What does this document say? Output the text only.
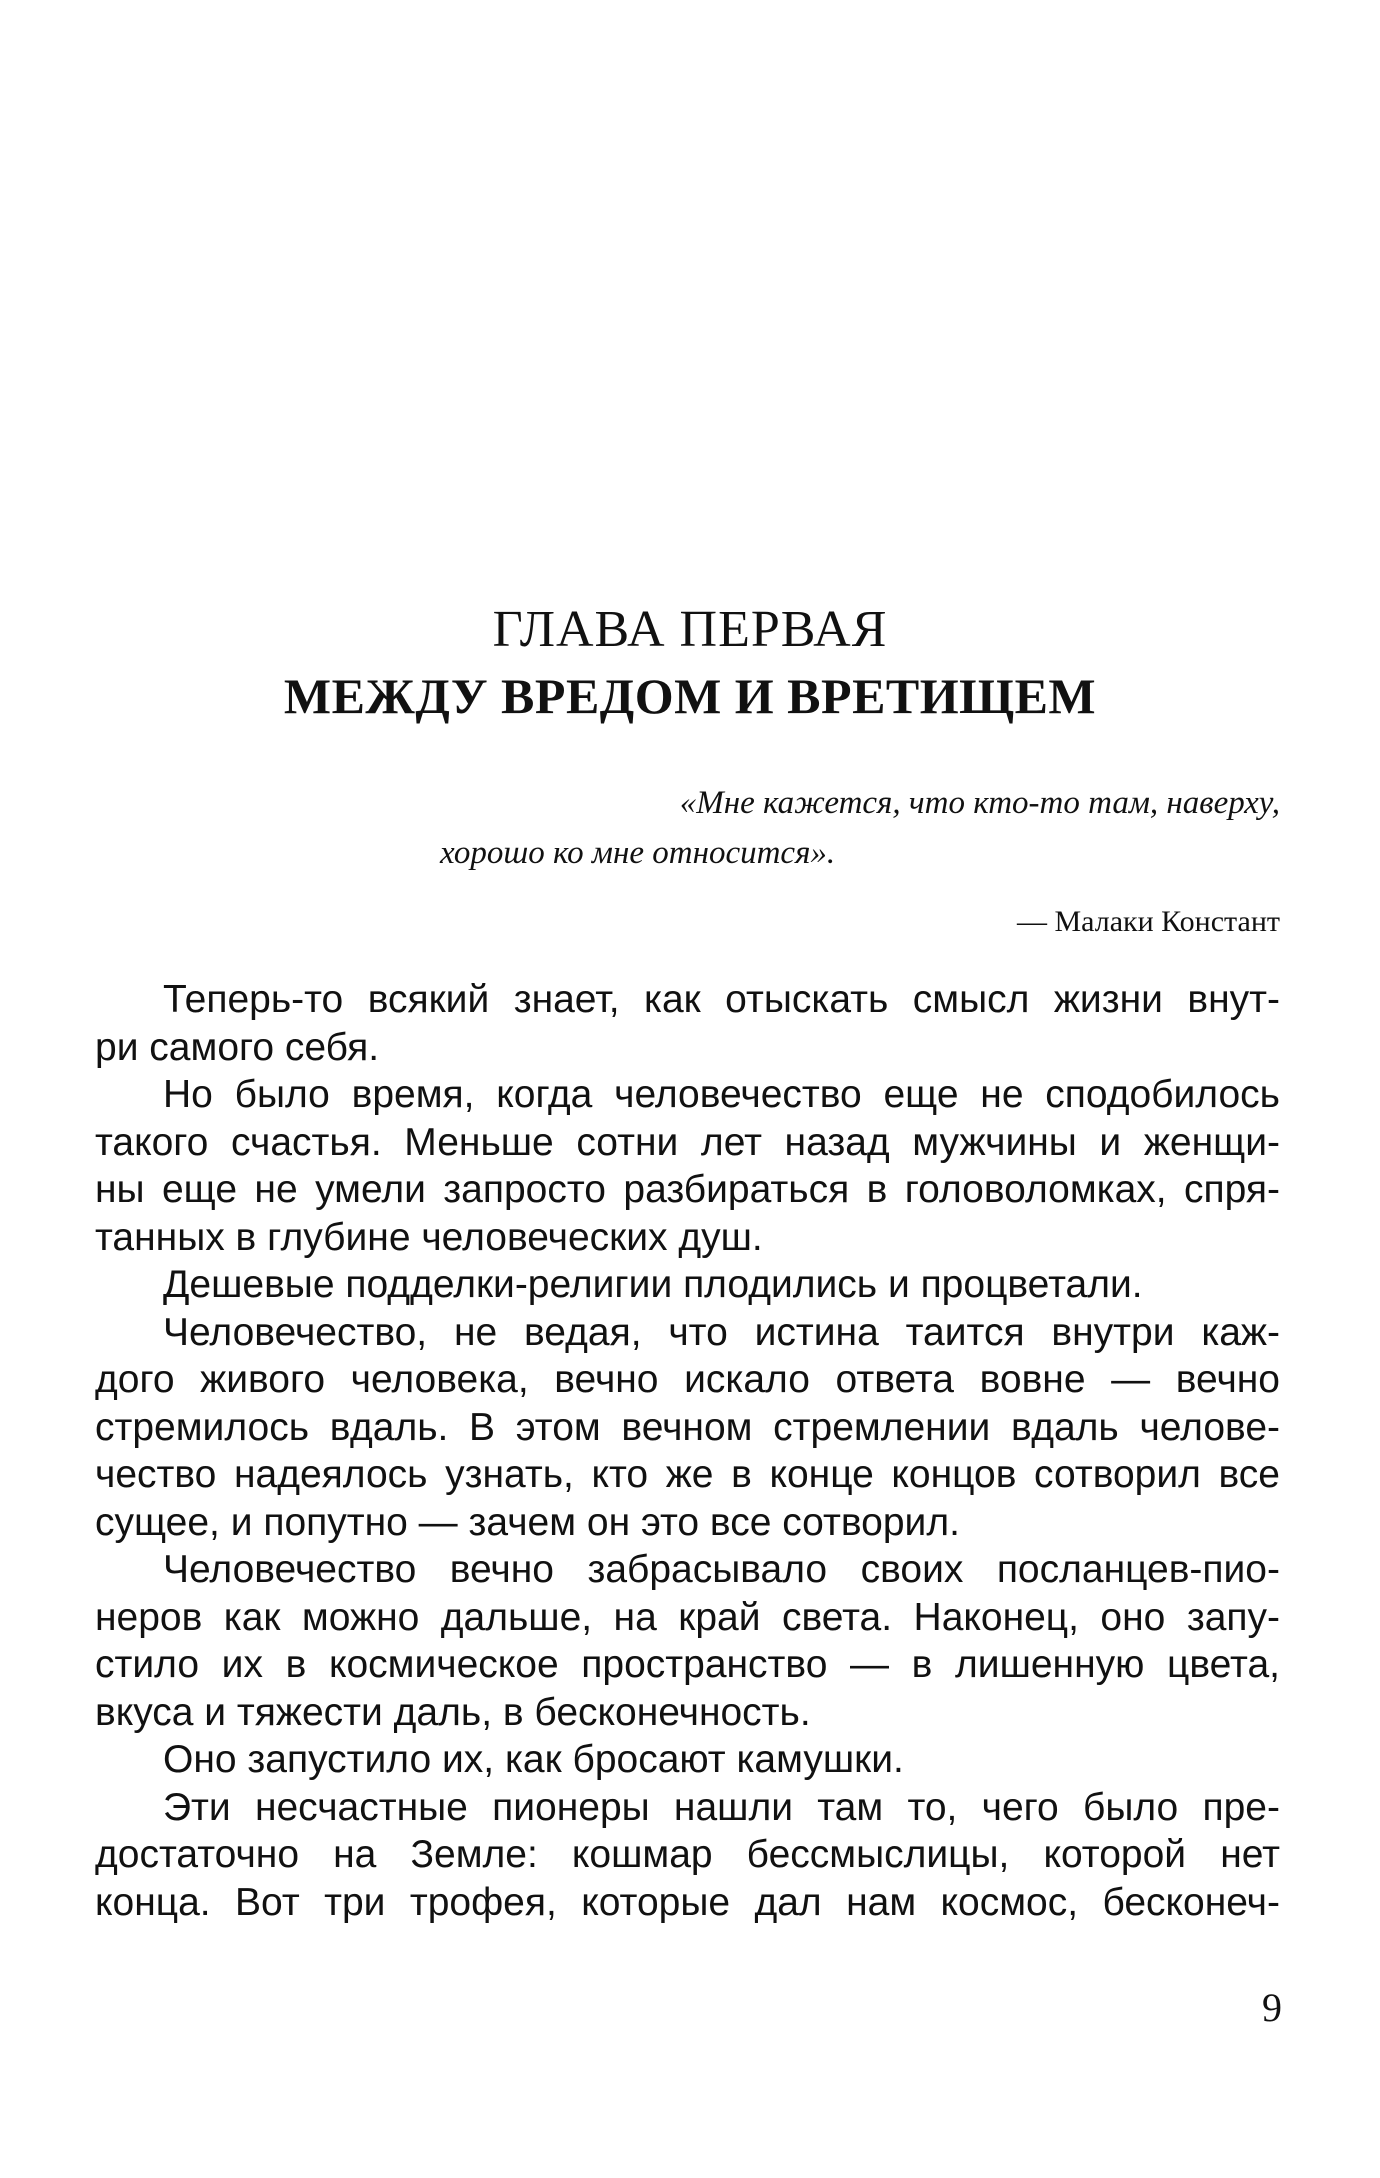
ГЛАВА ПЕРВАЯ
МЕЖДУ ВРЕДОМ И ВРЕТИЩЕМ
«Мне кажется, что кто-то там, наверху,
хорошо ко мне относится».
— Малаки Констант
Теперь-то всякий знает, как отыскать смысл жизни внут-
ри самого себя.
Но было время, когда человечество еще не сподобилось
такого счастья. Меньше сотни лет назад мужчины и женщи-
ны еще не умели запросто разбираться в головоломках, спря-
танных в глубине человеческих душ.
Дешевые подделки-религии плодились и процветали.
Человечество, не ведая, что истина таится внутри каж-
дого живого человека, вечно искало ответа вовне — вечно
стремилось вдаль. В этом вечном стремлении вдаль челове-
чество надеялось узнать, кто же в конце концов сотворил все
сущее, и попутно — зачем он это все сотворил.
Человечество вечно забрасывало своих посланцев-пио-
неров как можно дальше, на край света. Наконец, оно запу-
стило их в космическое пространство — в лишенную цвета,
вкуса и тяжести даль, в бесконечность.
Оно запустило их, как бросают камушки.
Эти несчастные пионеры нашли там то, чего было пре-
достаточно на Земле: кошмар бессмыслицы, которой нет
конца. Вот три трофея, которые дал нам космос, бесконеч-
9
